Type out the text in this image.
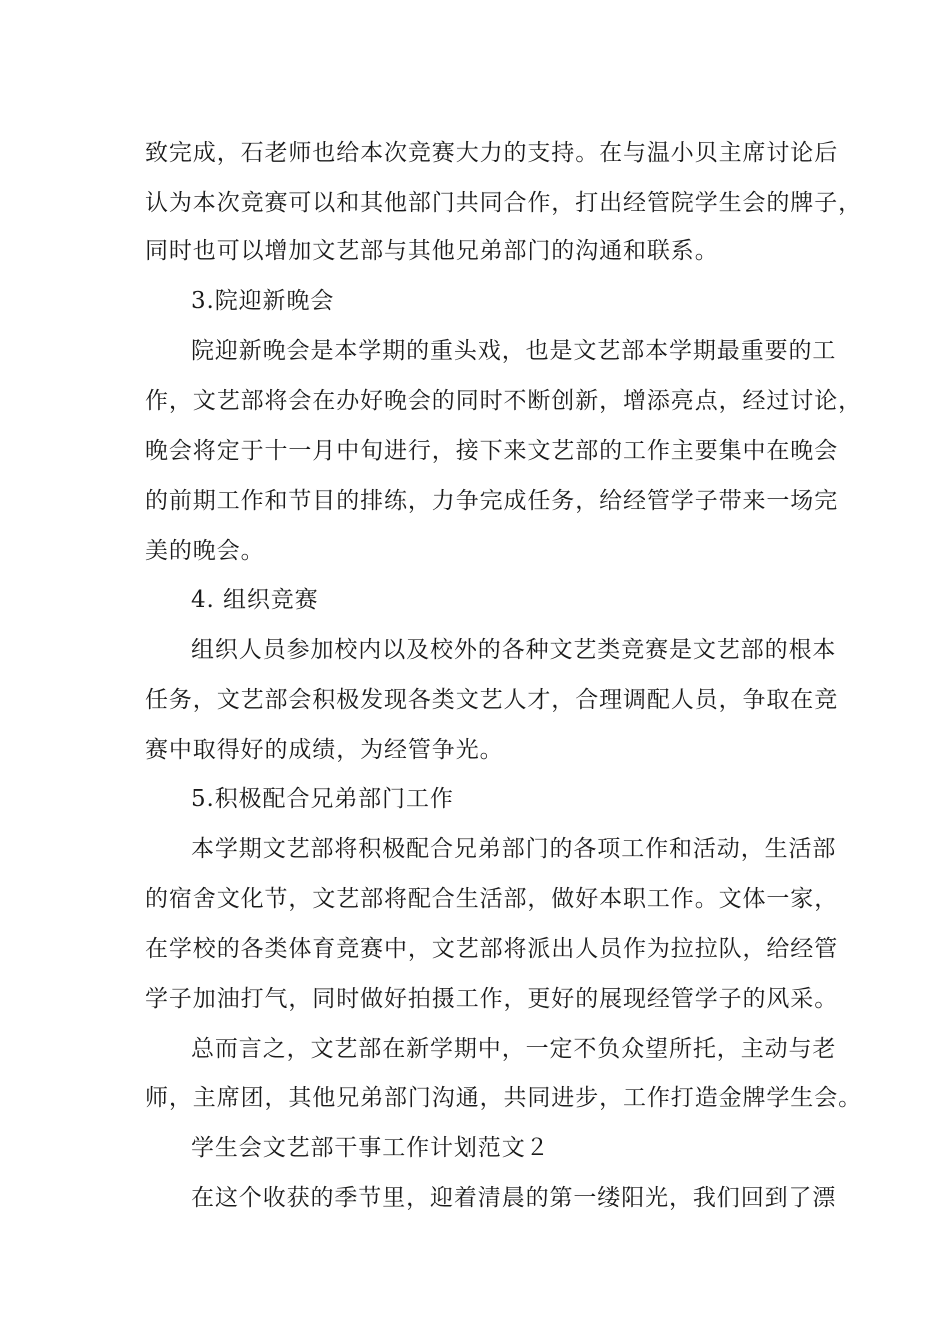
致完成，石老师也给本次竞赛大力的支持。在与温小贝主席讨论后
认为本次竞赛可以和其他部门共同合作，打出经管院学生会的牌子，
同时也可以增加文艺部与其他兄弟部门的沟通和联系。
3.院迎新晚会
院迎新晚会是本学期的重头戏，也是文艺部本学期最重要的工
作，文艺部将会在办好晚会的同时不断创新，增添亮点，经过讨论，
晚会将定于十一月中旬进行，接下来文艺部的工作主要集中在晚会
的前期工作和节目的排练，力争完成任务，给经管学子带来一场完
美的晚会。
4. 组织竞赛
组织人员参加校内以及校外的各种文艺类竞赛是文艺部的根本
任务，文艺部会积极发现各类文艺人才，合理调配人员，争取在竞
赛中取得好的成绩，为经管争光。
5.积极配合兄弟部门工作
本学期文艺部将积极配合兄弟部门的各项工作和活动，生活部
的宿舍文化节，文艺部将配合生活部，做好本职工作。文体一家，
在学校的各类体育竞赛中，文艺部将派出人员作为拉拉队，给经管
学子加油打气，同时做好拍摄工作，更好的展现经管学子的风采。
总而言之，文艺部在新学期中，一定不负众望所托，主动与老
师，主席团，其他兄弟部门沟通，共同进步，工作打造金牌学生会。
学生会文艺部干事工作计划范文２
在这个收获的季节里，迎着清晨的第一缕阳光，我们回到了漂
